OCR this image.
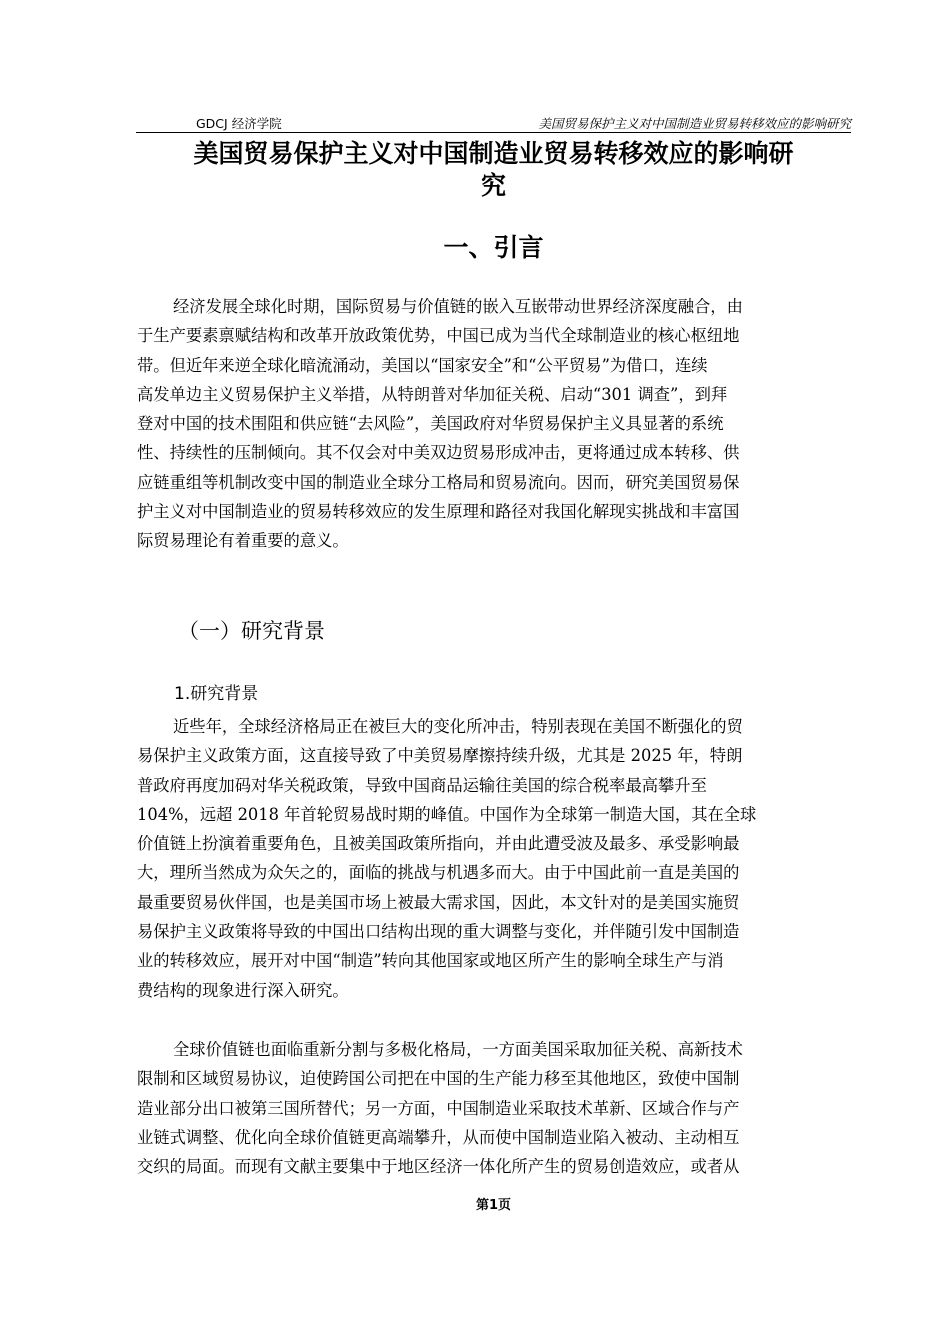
GDCJ 经济学院	美国贸易保护主义对中国制造业贸易转移效应的影响研究
美国贸易保护主义对中国制造业贸易转移效应的影响研
究
一、引言
经济发展全球化时期，国际贸易与价值链的嵌入互嵌带动世界经济深度融合，由
于生产要素禀赋结构和改革开放政策优势，中国已成为当代全球制造业的核心枢纽地
带。但近年来逆全球化暗流涌动，美国以“国家安全”和“公平贸易”为借口，连续
高发单边主义贸易保护主义举措，从特朗普对华加征关税、启动“301 调查”，到拜
登对中国的技术围阻和供应链“去风险”，美国政府对华贸易保护主义具显著的系统
性、持续性的压制倾向。其不仅会对中美双边贸易形成冲击，更将通过成本转移、供
应链重组等机制改变中国的制造业全球分工格局和贸易流向。因而，研究美国贸易保
护主义对中国制造业的贸易转移效应的发生原理和路径对我国化解现实挑战和丰富国
际贸易理论有着重要的意义。
（一）研究背景
1.研究背景
近些年，全球经济格局正在被巨大的变化所冲击，特别表现在美国不断强化的贸
易保护主义政策方面，这直接导致了中美贸易摩擦持续升级，尤其是 2025 年，特朗
普政府再度加码对华关税政策，导致中国商品运输往美国的综合税率最高攀升至
104%，远超 2018 年首轮贸易战时期的峰值。中国作为全球第一制造大国，其在全球
价值链上扮演着重要角色，且被美国政策所指向，并由此遭受波及最多、承受影响最
大，理所当然成为众矢之的，面临的挑战与机遇多而大。由于中国此前一直是美国的
最重要贸易伙伴国，也是美国市场上被最大需求国，因此，本文针对的是美国实施贸
易保护主义政策将导致的中国出口结构出现的重大调整与变化，并伴随引发中国制造
业的转移效应，展开对中国“制造”转向其他国家或地区所产生的影响全球生产与消
费结构的现象进行深入研究。
全球价值链也面临重新分割与多极化格局，一方面美国采取加征关税、高新技术
限制和区域贸易协议，迫使跨国公司把在中国的生产能力移至其他地区，致使中国制
造业部分出口被第三国所替代；另一方面，中国制造业采取技术革新、区域合作与产
业链式调整、优化向全球价值链更高端攀升，从而使中国制造业陷入被动、主动相互
交织的局面。而现有文献主要集中于地区经济一体化所产生的贸易创造效应，或者从
第1页
